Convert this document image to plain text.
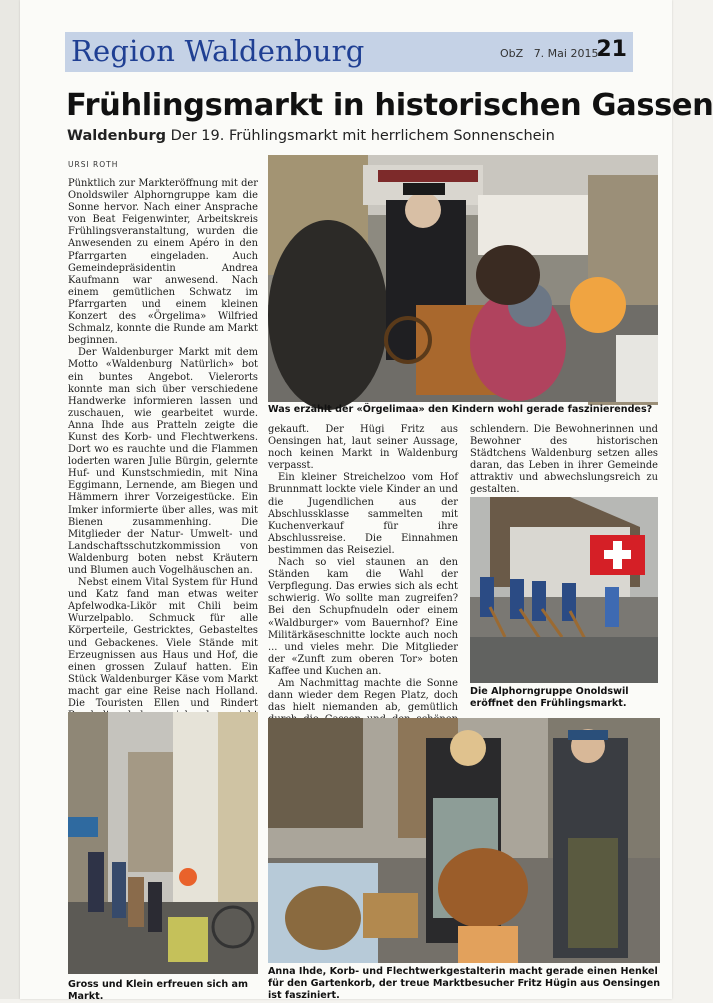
Region Waldenburg	ObZ 7. Mai 2015
21
Frühlingsmarkt in historischen Gassen
Waldenburg Der 19. Frühlingsmarkt mit herrlichem Sonnenschein
URSI ROTH

Pünktlich zur Markteröffnung mit der Onoldswiler Alphorngruppe kam die Sonne hervor. Nach einer Ansprache von Beat Feigenwinter, Arbeitskreis Frühlingsveranstaltung, wurden die Anwesenden zu einem Apéro in den Pfarrgarten eingeladen. Auch Gemeindepräsidentin Andrea Kaufmann war anwesend. Nach einem gemütlichen Schwatz im Pfarrgarten und einem kleinen Konzert des «Örgelima» Wilfried Schmalz, konnte die Runde am Markt beginnen.

Der Waldenburger Markt mit dem Motto «Waldenburg Natürlich» bot ein buntes Angebot. Vielerorts konnte man sich über verschiedene Handwerke informieren lassen und zuschauen, wie gearbeitet wurde. Anna Ihde aus Pratteln zeigte die Kunst des Korb- und Flechtwerkens. Dort wo es rauchte und die Flammen loderten waren Julie Bürgin, gelernte Huf- und Kunstschmiedin, mit Nina Eggimann, Lernende, am Biegen und Hämmern ihrer Vorzeigestücke. Ein Imker informierte über alles, was mit Bienen zusammenhing. Die Mitglieder der Natur- Umwelt- und Landschaftsschutzkommission von Waldenburg boten nebst Kräutern und Blumen auch Vogelhäuschen an.

Nebst einem Vital System für Hund und Katz fand man etwas weiter Apfelwodka-Likör mit Chili beim Wurzelpablo. Schmuck für alle Körperteile, Gestricktes, Gebasteltes und Gebackenes. Viele Stände mit Erzeugnissen aus Haus und Hof, die einen grossen Zulauf hatten. Ein Stück Waldenburger Käse vom Markt macht gar eine Reise nach Holland. Die Touristen Ellen und Rindert

gekauft. Der Hügi Fritz aus Oensingen hat, laut seiner Aussage, noch keinen Markt in Waldenburg verpasst.

Ein kleiner Streichelzoo vom Hof Brunnmatt lockte viele Kinder an und die Jugendlichen aus der Abschlussklasse sammelten mit Kuchenverkauf für ihre Abschlussreise. Die Einnahmen bestimmen das Reiseziel.

Nach so viel staunen an den Ständen kam die Wahl der Verpflegung. Das erwies sich als echt schwierig. Wo sollte man zugreifen? Bei den Schupfnudeln oder einem «Waldburger» vom Bauernhof? Eine Militärkäseschnitte lockte auch noch ... und vieles mehr. Die Mitglieder der «Zunft zum oberen Tor» boten Kaffee und Kuchen an.

Am Nachmittag machte die Sonne dann wieder dem Regen Platz, doch das hielt niemanden ab, gemütlich

schlendern. Die Bewohnerinnen und Bewohner des historischen Städtchens Waldenburg setzen alles daran, das Leben in ihrer Gemeinde attraktiv und abwechslungsreich zu gestalten.

Was erzählt der «Örgelimaa» den Kindern wohl gerade faszinierendes?
Die Alphorngruppe Onoldswil eröffnet den Frühlingsmarkt.
Gross und Klein erfreuen sich am Markt.
Anna Ihde, Korb- und Flechtwerkgestalterin macht gerade einen Henkel für den Gartenkorb, der treue Marktbesucher Fritz Hügin aus Oensingen ist fasziniert.
